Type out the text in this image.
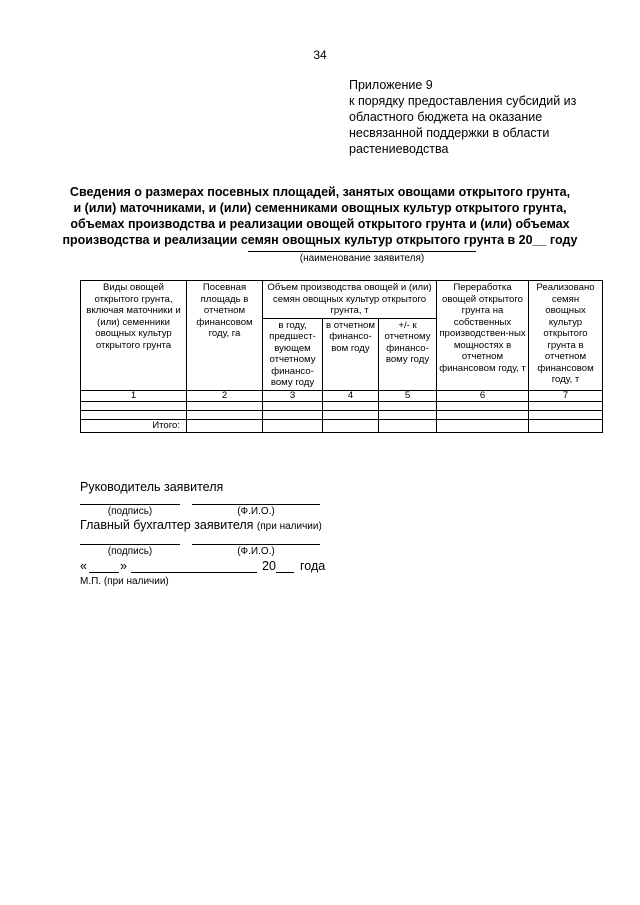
34
Приложение 9
к порядку предоставления субсидий из
областного бюджета на оказание
несвязанной поддержки в области
растениеводства
Сведения о размерах посевных площадей, занятых овощами открытого грунта,
и (или) маточниками, и (или) семенниками овощных культур открытого грунта,
объемах производства и реализации овощей открытого грунта и (или) объемах
производства и реализации семян овощных культур открытого грунта в 20__ году
(наименование заявителя)
Виды овощей открытого грунта, включая маточники и (или) семенники овощных культур открытого грунта	Посевная площадь в отчетном финансовом году, га	Объем производства овощей и (или) семян овощных культур открытого грунта, т			Переработка овощей открытого грунта на собственных производствен-ных мощностях в отчетном финансовом году, т	Реализовано семян овощных культур открытого грунта в отчетном финансовом году, т
		в году, предшест-вующем отчетному финансо-вому году	в отчетном финансо-вом году	+/- к отчетному финансо-вому году		
1	2	3	4	5	6	7

Итого:						
Руководитель заявителя
(подпись)	(Ф.И.О.)
Главный бухгалтер заявителя (при наличии)
(подпись)	(Ф.И.О.)
«	»	20 года
М.П. (при наличии)
